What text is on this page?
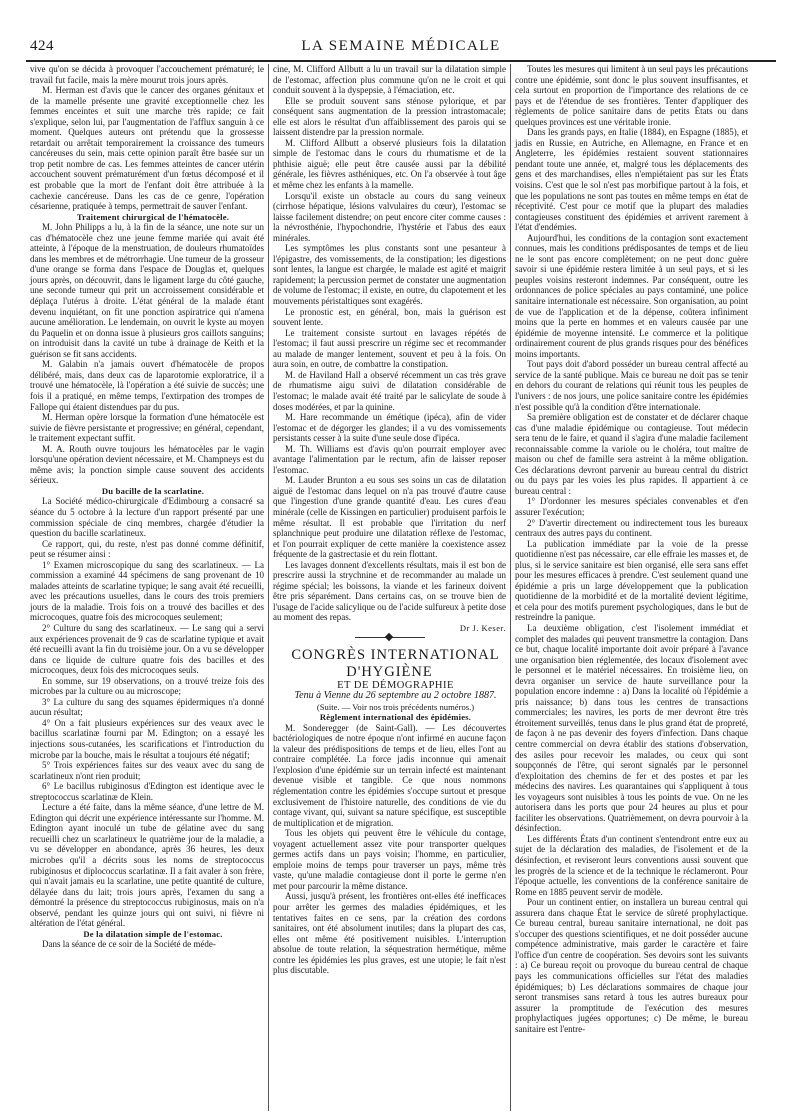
424	LA SEMAINE MÉDICALE

vive qu'on se décida à provoquer l'accouchement prématuré; le travail fut facile, mais la mère mourut trois jours après.

M. Herman est d'avis que le cancer des organes génitaux et de la mamelle présente une gravité exceptionnelle chez les femmes enceintes et suit une marche très rapide; ce fait s'explique, selon lui, par l'augmentation de l'afflux sanguin à ce moment. Quelques auteurs ont prétendu que la grossesse retardait ou arrêtait temporairement la croissance des tumeurs cancéreuses du sein, mais cette opinion paraît être basée sur un trop petit nombre de cas. Les femmes atteintes de cancer utérin accouchent souvent prématurément d'un fœtus décomposé et il est probable que la mort de l'enfant doit être attribuée à la cachexie cancéreuse. Dans les cas de ce genre, l'opération césarienne, pratiquée à temps, permettrait de sauver l'enfant.

Traitement chirurgical de l'hématocèle.

M. John Philipps a lu, à la fin de la séance, une note sur un cas d'hématocèle chez une jeune femme mariée qui avait été atteinte, à l'époque de la menstruation, de douleurs rhumatoïdes dans les membres et de métrorrhagie. Une tumeur de la grosseur d'une orange se forma dans l'espace de Douglas et, quelques jours après, on découvrit, dans le ligament large du côté gauche, une seconde tumeur qui prit un accroissement considérable et déplaça l'utérus à droite. L'état général de la malade étant devenu inquiétant, on fit une ponction aspiratrice qui n'amena aucune amélioration. Le lendemain, on ouvrit le kyste au moyen du Paquelin et on donna issue à plusieurs gros caillots sanguins; on introduisit dans la cavité un tube à drainage de Keith et la guérison se fit sans accidents.

M. Galabin n'a jamais ouvert d'hématocèle de propos délibéré, mais, dans deux cas de laparotomie exploratrice, il a trouvé une hématocèle, là l'opération a été suivie de succès; une fois il a pratiqué, en même temps, l'extirpation des trompes de Fallope qui étaient distendues par du pus.

M. Herman opère lorsque la formation d'une hématocèle est suivie de fièvre persistante et progressive; en général, cependant, le traitement expectant suffit.

M. A. Routh ouvre toujours les hématocèles par le vagin lorsqu'une opération devient nécessaire, et M. Champneys est du même avis; la ponction simple cause souvent des accidents sérieux.

Du bacille de la scarlatine.

La Société médico-chirurgicale d'Edimbourg a consacré sa séance du 5 octobre à la lecture d'un rapport présenté par une commission spéciale de cinq membres, chargée d'étudier la question du bacille scarlatineux.

Ce rapport, qui, du reste, n'est pas donné comme définitif, peut se résumer ainsi :

1° Examen microscopique du sang des scarlatineux. — La commission a examiné 44 spécimens de sang provenant de 10 malades atteints de scarlatine typique; le sang avait été recueilli, avec les précautions usuelles, dans le cours des trois premiers jours de la maladie. Trois fois on a trouvé des bacilles et des microcoques, quatre fois des microcoques seulement;

2° Culture du sang des scarlatineux. — Le sang qui a servi aux expériences provenait de 9 cas de scarlatine typique et avait été recueilli avant la fin du troisième jour. On a vu se développer dans ce liquide de culture quatre fois des bacilles et des microcoques, deux fois des microcoques seuls.

En somme, sur 19 observations, on a trouvé treize fois des microbes par la culture ou au microscope;

3° La culture du sang des squames épidermiques n'a donné aucun résultat;

4° On a fait plusieurs expériences sur des veaux avec le bacillus scarlatinæ fourni par M. Edington; on a essayé les injections sous-cutanées, les scarifications et l'introduction du microbe par la bouche, mais le résultat a toujours été négatif;

5° Trois expériences faites sur des veaux avec du sang de scarlatineux n'ont rien produit;

6° Le bacillus rubiginosus d'Edington est identique avec le streptococcus scarlatinæ de Klein.

Lecture a été faite, dans la même séance, d'une lettre de M. Edington qui décrit une expérience intéressante sur l'homme. M. Edington ayant inoculé un tube de gélatine avec du sang recueilli chez un scarlatineux le quatrième jour de la maladie, a vu se développer en abondance, après 36 heures, les deux microbes qu'il a décrits sous les noms de streptococcus rubiginosus et diplococcus scarlatinæ. Il a fait avaler à son frère, qui n'avait jamais eu la scarlatine, une petite quantité de culture, délayée dans du lait; trois jours après, l'examen du sang a démontré la présence du streptococcus rubiginosus, mais on n'a observé, pendant les quinze jours qui ont suivi, ni fièvre ni altération de l'état général.

De la dilatation simple de l'estomac.

Dans la séance de ce soir de la Société de méde-

cine, M. Clifford Allbutt a lu un travail sur la dilatation simple de l'estomac, affection plus commune qu'on ne le croit et qui conduit souvent à la dyspepsie, à l'émaciation, etc.

Elle se produit souvent sans sténose pylorique, et par conséquent sans augmentation de la pression intrastomacale; elle est alors le résultat d'un affaiblissement des parois qui se laissent distendre par la pression normale.

M. Clifford Allbutt a observé plusieurs fois la dilatation simple de l'estomac dans le cours du rhumatisme et de la phthisie aiguë; elle peut être causée aussi par la débilité générale, les fièvres asthéniques, etc. On l'a observée à tout âge et même chez les enfants à la mamelle.

Lorsqu'il existe un obstacle au cours du sang veineux (cirrhose hépatique, lésions valvulaires du cœur), l'estomac se laisse facilement distendre; on peut encore citer comme causes : la névrosthénie, l'hypochondrie, l'hystérie et l'abus des eaux minérales.

Les symptômes les plus constants sont une pesanteur à l'épigastre, des vomissements, de la constipation; les digestions sont lentes, la langue est chargée, le malade est agité et maigrit rapidement; la percussion permet de constater une augmentation de volume de l'estomac; il existe, en outre, du clapotement et les mouvements péristaltiques sont exagérés.

Le pronostic est, en général, bon, mais la guérison est souvent lente.

Le traitement consiste surtout en lavages répétés de l'estomac; il faut aussi prescrire un régime sec et recommander au malade de manger lentement, souvent et peu à la fois. On aura soin, en outre, de combattre la constipation.

M. de Haviland Hall a observé récemment un cas très grave de rhumatisme aigu suivi de dilatation considérable de l'estomac; le malade avait été traité par le salicylate de soude à doses modérées, et par la quinine.

M. Hare recommande un émétique (ipéca), afin de vider l'estomac et de dégorger les glandes; il a vu des vomissements persistants cesser à la suite d'une seule dose d'ipéca.

M. Th. Williams est d'avis qu'on pourrait employer avec avantage l'alimentation par le rectum, afin de laisser reposer l'estomac.

M. Lauder Brunton a eu sous ses soins un cas de dilatation aiguë de l'estomac dans lequel on n'a pas trouvé d'autre cause que l'ingestion d'une grande quantité d'eau. Les cures d'eau minérale (celle de Kissingen en particulier) produisent parfois le même résultat. Il est probable que l'irritation du nerf splanchnique peut produire une dilatation réflexe de l'estomac, et l'on pourrait expliquer de cette manière la coexistence assez fréquente de la gastrectasie et du rein flottant.

Les lavages donnent d'excellents résultats, mais il est bon de prescrire aussi la strychnine et de recommander au malade un régime spécial; les boissons, la viande et les farineux doivent être pris séparément. Dans certains cas, on se trouve bien de l'usage de l'acide salicylique ou de l'acide sulfureux à petite dose au moment des repas.

Dr J. Keser.

CONGRÈS INTERNATIONAL D'HYGIÈNE

ET DE DÉMOGRAPHIE

Tenu à Vienne du 26 septembre au 2 octobre 1887.

(Suite. — Voir nos trois précédents numéros.)

Règlement international des épidémies.

M. Sonderegger (de Saint-Gall). — Les découvertes bactériologiques de notre époque n'ont infirmé en aucune façon la valeur des prédispositions de temps et de lieu, elles l'ont au contraire complétée. La force jadis inconnue qui amenait l'explosion d'une épidémie sur un terrain infecté est maintenant devenue visible et tangible. Ce que nous nommons réglementation contre les épidémies s'occupe surtout et presque exclusivement de l'histoire naturelle, des conditions de vie du contage vivant, qui, suivant sa nature spécifique, est susceptible de multiplication et de migration.

Tous les objets qui peuvent être le véhicule du contage, voyagent actuellement assez vite pour transporter quelques germes actifs dans un pays voisin; l'homme, en particulier, emploie moins de temps pour traverser un pays, même très vaste, qu'une maladie contagieuse dont il porte le germe n'en met pour parcourir la même distance.

Aussi, jusqu'à présent, les frontières ont-elles été inefficaces pour arrêter les germes des maladies épidémiques, et les tentatives faites en ce sens, par la création des cordons sanitaires, ont été absolument inutiles; dans la plupart des cas, elles ont même été positivement nuisibles. L'interruption absolue de toute relation, la séquestration hermétique, même contre les épidémies les plus graves, est une utopie; le fait n'est plus discutable.

Toutes les mesures qui limitent à un seul pays les précautions contre une épidémie, sont donc le plus souvent insuffisantes, et cela surtout en proportion de l'importance des relations de ce pays et de l'étendue de ses frontières. Tenter d'appliquer des règlements de police sanitaire dans de petits États ou dans quelques provinces est une véritable ironie.

Dans les grands pays, en Italie (1884), en Espagne (1885), et jadis en Russie, en Autriche, en Allemagne, en France et en Angleterre, les épidémies restaient souvent stationnaires pendant toute une année, et, malgré tous les déplacements des gens et des marchandises, elles n'empiétaient pas sur les États voisins. C'est que le sol n'est pas morbifique partout à la fois, et que les populations ne sont pas toutes en même temps en état de réceptivité. C'est pour ce motif que la plupart des maladies contagieuses constituent des épidémies et arrivent rarement à l'état d'endémies.

Aujourd'hui, les conditions de la contagion sont exactement connues, mais les conditions prédisposantes de temps et de lieu ne le sont pas encore complètement; on ne peut donc guère savoir si une épidémie restera limitée à un seul pays, et si les peuples voisins resteront indemnes. Par conséquent, outre les ordonnances de police spéciales au pays contaminé, une police sanitaire internationale est nécessaire. Son organisation, au point de vue de l'application et de la dépense, coûtera infiniment moins que la perte en hommes et en valeurs causée par une épidémie de moyenne intensité. Le commerce et la politique ordinairement courent de plus grands risques pour des bénéfices moins importants.

Tout pays doit d'abord posséder un bureau central affecté au service de la santé publique. Mais ce bureau ne doit pas se tenir en dehors du courant de relations qui réunit tous les peuples de l'univers : de nos jours, une police sanitaire contre les épidémies n'est possible qu'à la condition d'être internationale.

Sa première obligation est de constater et de déclarer chaque cas d'une maladie épidémique ou contagieuse. Tout médecin sera tenu de le faire, et quand il s'agira d'une maladie facilement reconnaissable comme la variole ou le choléra, tout maître de maison ou chef de famille sera astreint à la même obligation. Ces déclarations devront parvenir au bureau central du district ou du pays par les voies les plus rapides. Il appartient à ce bureau central :

1° D'ordonner les mesures spéciales convenables et d'en assurer l'exécution;

2° D'avertir directement ou indirectement tous les bureaux centraux des autres pays du continent.

La publication immédiate par la voie de la presse quotidienne n'est pas nécessaire, car elle effraie les masses et, de plus, si le service sanitaire est bien organisé, elle sera sans effet pour les mesures efficaces à prendre. C'est seulement quand une épidémie a pris un large développement que la publication quotidienne de la morbidité et de la mortalité devient légitime, et cela pour des motifs purement psychologiques, dans le but de restreindre la panique.

La deuxième obligation, c'est l'isolement immédiat et complet des malades qui peuvent transmettre la contagion. Dans ce but, chaque localité importante doit avoir préparé à l'avance une organisation bien réglementée, des locaux d'isolement avec le personnel et le matériel nécessaires. En troisième lieu, on devra organiser un service de haute surveillance pour la population encore indemne : a) Dans la localité où l'épidémie a pris naissance; b) dans tous les centres de transactions commerciales; les navires, les ports de mer devront être très étroitement surveillés, tenus dans le plus grand état de propreté, de façon à ne pas devenir des foyers d'infection. Dans chaque centre commercial on devra établir des stations d'observation, des asiles pour recevoir les malades, ou ceux qui sont soupçonnés de l'être, qui seront signalés par le personnel d'exploitation des chemins de fer et des postes et par les médecins des navires. Les quarantaines qui s'appliquent à tous les voyageurs sont nuisibles à tous les points de vue. On ne les autorisera dans les ports que pour 24 heures au plus et pour faciliter les observations. Quatrièmement, on devra pourvoir à la désinfection.

Les différents États d'un continent s'entendront entre eux au sujet de la déclaration des maladies, de l'isolement et de la désinfection, et reviseront leurs conventions aussi souvent que les progrès de la science et de la technique le réclameront. Pour l'époque actuelle, les conventions de la conférence sanitaire de Rome en 1885 peuvent servir de modèle.

Pour un continent entier, on installera un bureau central qui assurera dans chaque État le service de sûreté prophylactique. Ce bureau central, bureau sanitaire international, ne doit pas s'occuper des questions scientifiques, et ne doit posséder aucune compétence administrative, mais garder le caractère et faire l'office d'un centre de coopération. Ses devoirs sont les suivants : a) Ce bureau reçoit ou provoque du bureau central de chaque pays les communications officielles sur l'état des maladies épidémiques; b) Les déclarations sommaires de chaque jour seront transmises sans retard à tous les autres bureaux pour assurer la promptitude de l'exécution des mesures prophylactiques jugées opportunes; c) De même, le bureau sanitaire est l'entre-
